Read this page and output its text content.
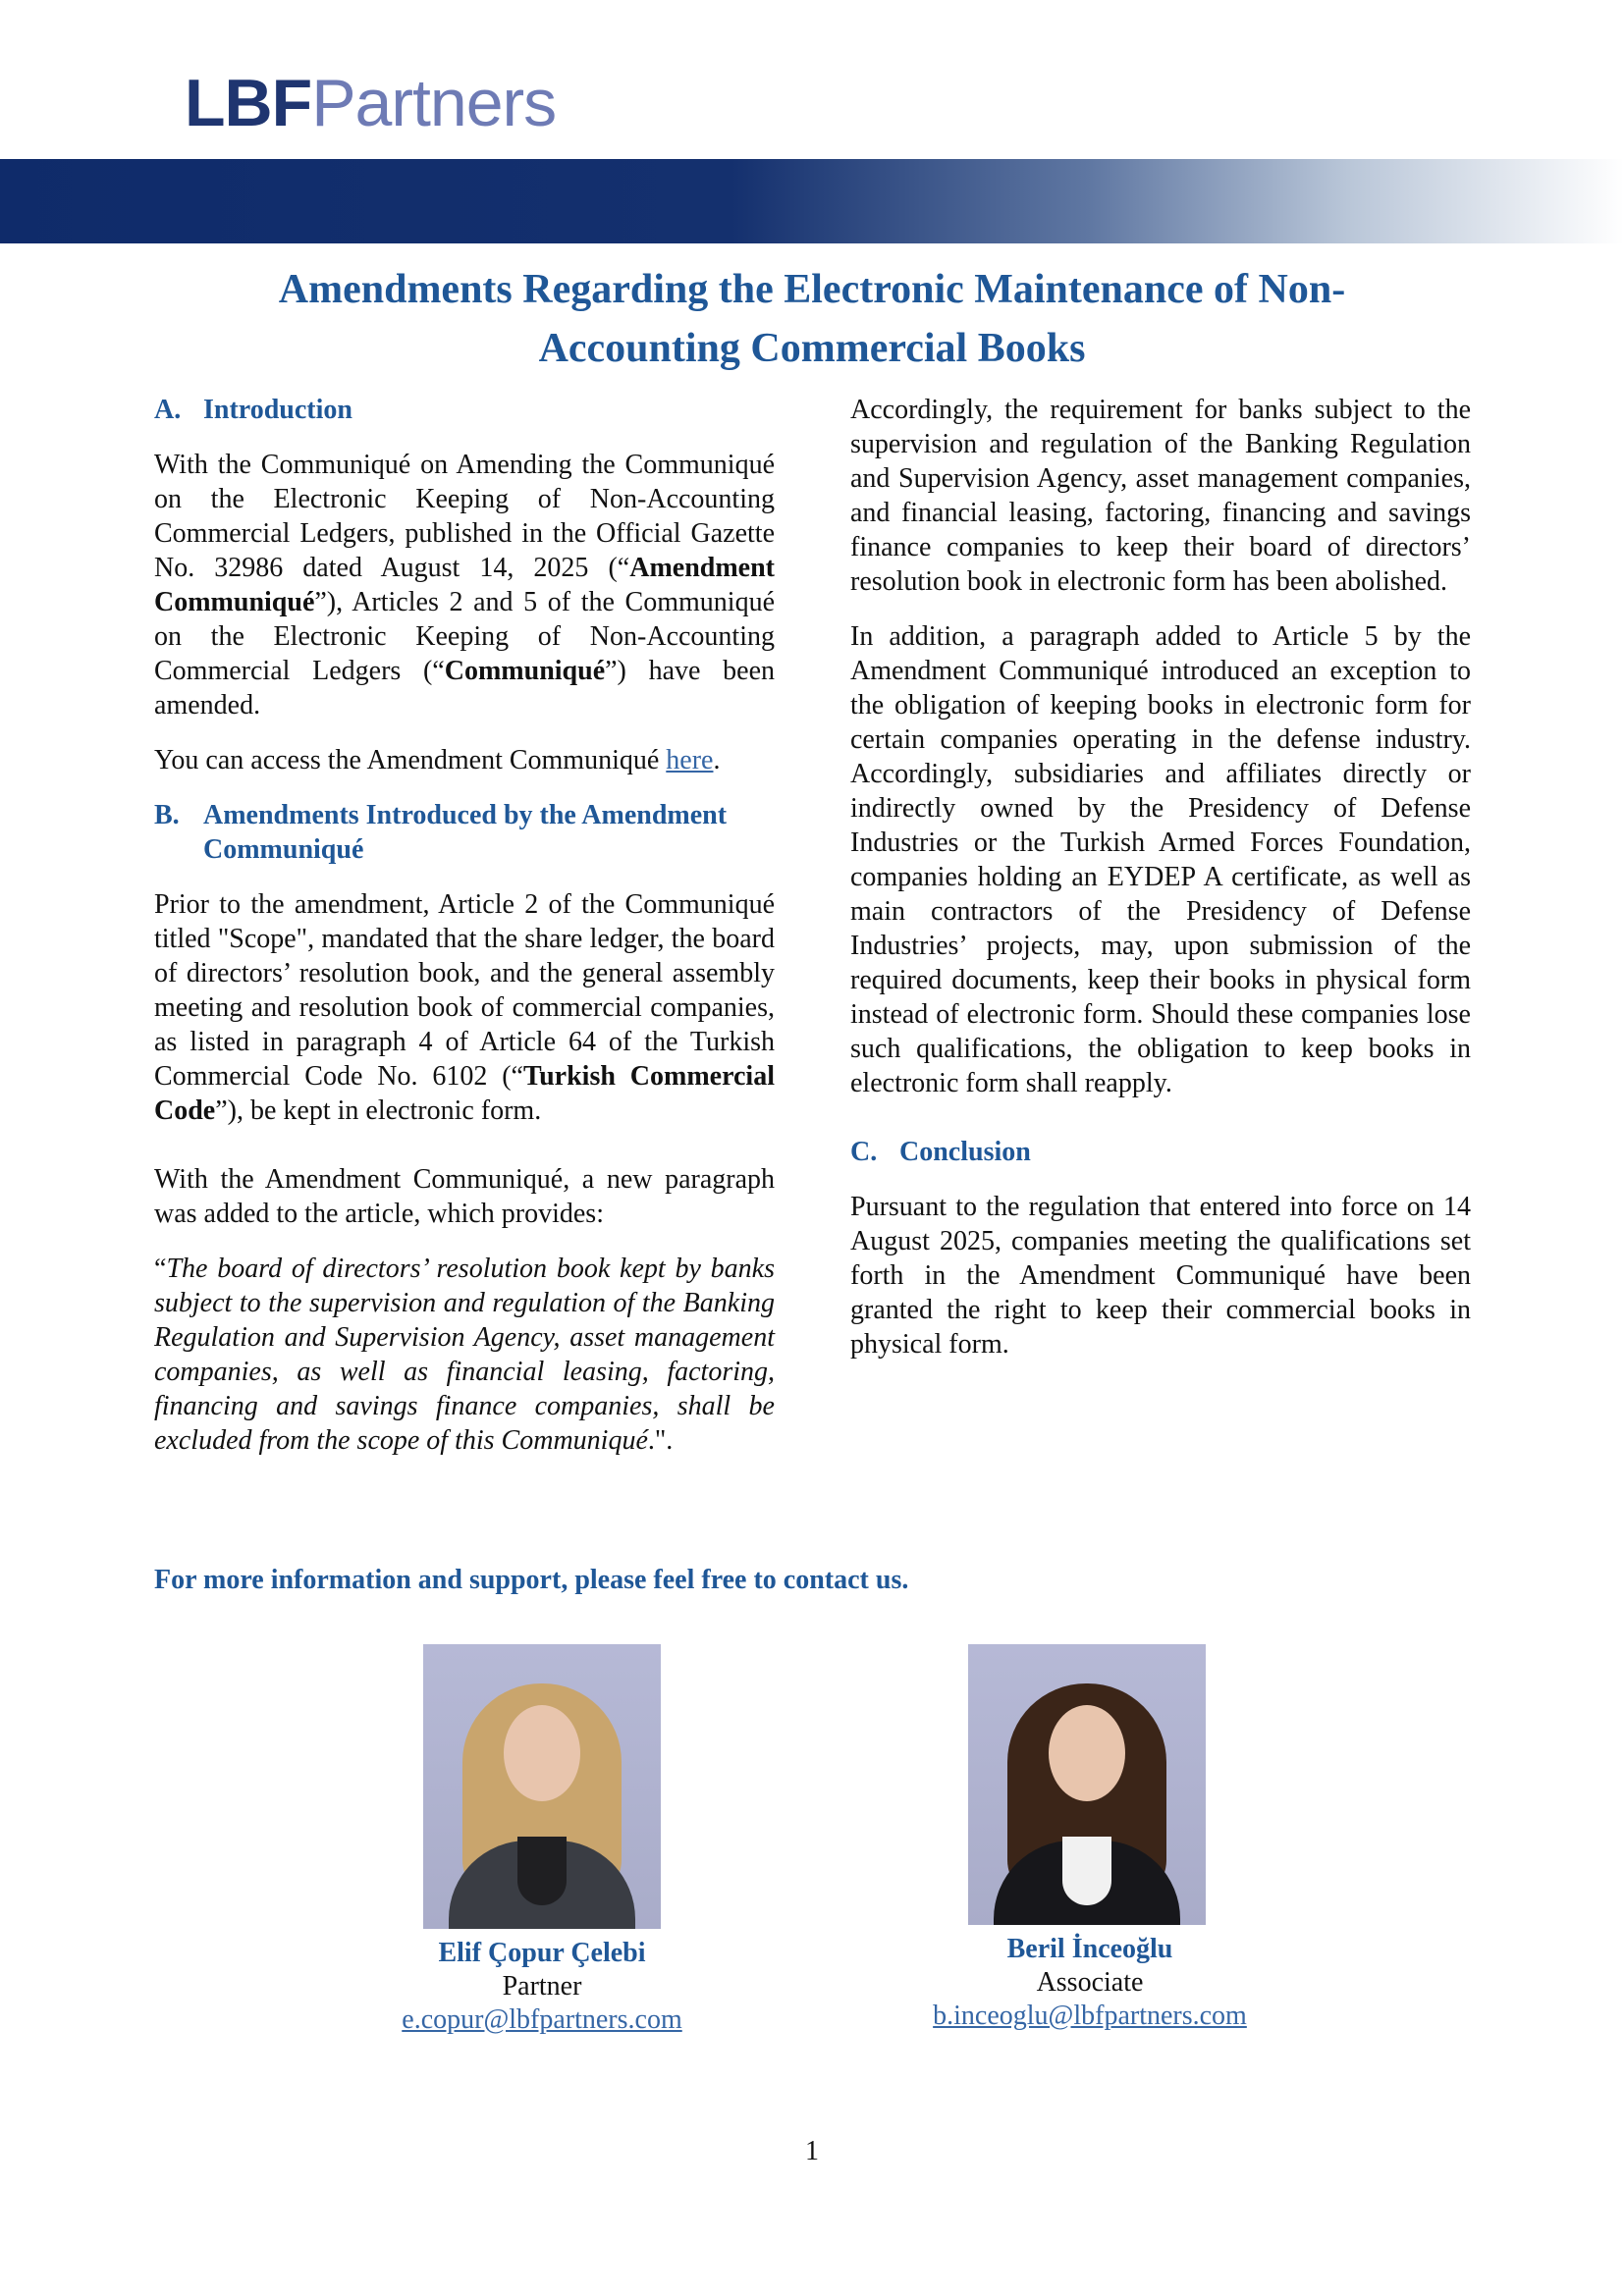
LBFPartners
Amendments Regarding the Electronic Maintenance of Non-Accounting Commercial Books
A. Introduction

With the Communiqué on Amending the Communiqué on the Electronic Keeping of Non-Accounting Commercial Ledgers, published in the Official Gazette No. 32986 dated August 14, 2025 (“Amendment Communiqué”), Articles 2 and 5 of the Communiqué on the Electronic Keeping of Non-Accounting Commercial Ledgers (“Communiqué”) have been amended.

You can access the Amendment Communiqué here.

B. Amendments Introduced by the Amendment Communiqué

Prior to the amendment, Article 2 of the Communiqué titled "Scope", mandated that the share ledger, the board of directors’ resolution book, and the general assembly meeting and resolution book of commercial companies, as listed in paragraph 4 of Article 64 of the Turkish Commercial Code No. 6102 (“Turkish Commercial Code”), be kept in electronic form.

With the Amendment Communiqué, a new paragraph was added to the article, which provides:

“The board of directors’ resolution book kept by banks subject to the supervision and regulation of the Banking Regulation and Supervision Agency, asset management companies, as well as financial leasing, factoring, financing and savings finance companies, shall be excluded from the scope of this Communiqué.".

Accordingly, the requirement for banks subject to the supervision and regulation of the Banking Regulation and Supervision Agency, asset management companies, and financial leasing, factoring, financing and savings finance companies to keep their board of directors’ resolution book in electronic form has been abolished.

In addition, a paragraph added to Article 5 by the Amendment Communiqué introduced an exception to the obligation of keeping books in electronic form for certain companies operating in the defense industry. Accordingly, subsidiaries and affiliates directly or indirectly owned by the Presidency of Defense Industries or the Turkish Armed Forces Foundation, companies holding an EYDEP A certificate, as well as main contractors of the Presidency of Defense Industries’ projects, may, upon submission of the required documents, keep their books in physical form instead of electronic form. Should these companies lose such qualifications, the obligation to keep books in electronic form shall reapply.

C. Conclusion

Pursuant to the regulation that entered into force on 14 August 2025, companies meeting the qualifications set forth in the Amendment Communiqué have been granted the right to keep their commercial books in physical form.

For more information and support, please feel free to contact us.
Elif Çopur Çelebi
Partner
e.copur@lbfpartners.com
Beril İnceoğlu
Associate
b.inceoglu@lbfpartners.com
1
